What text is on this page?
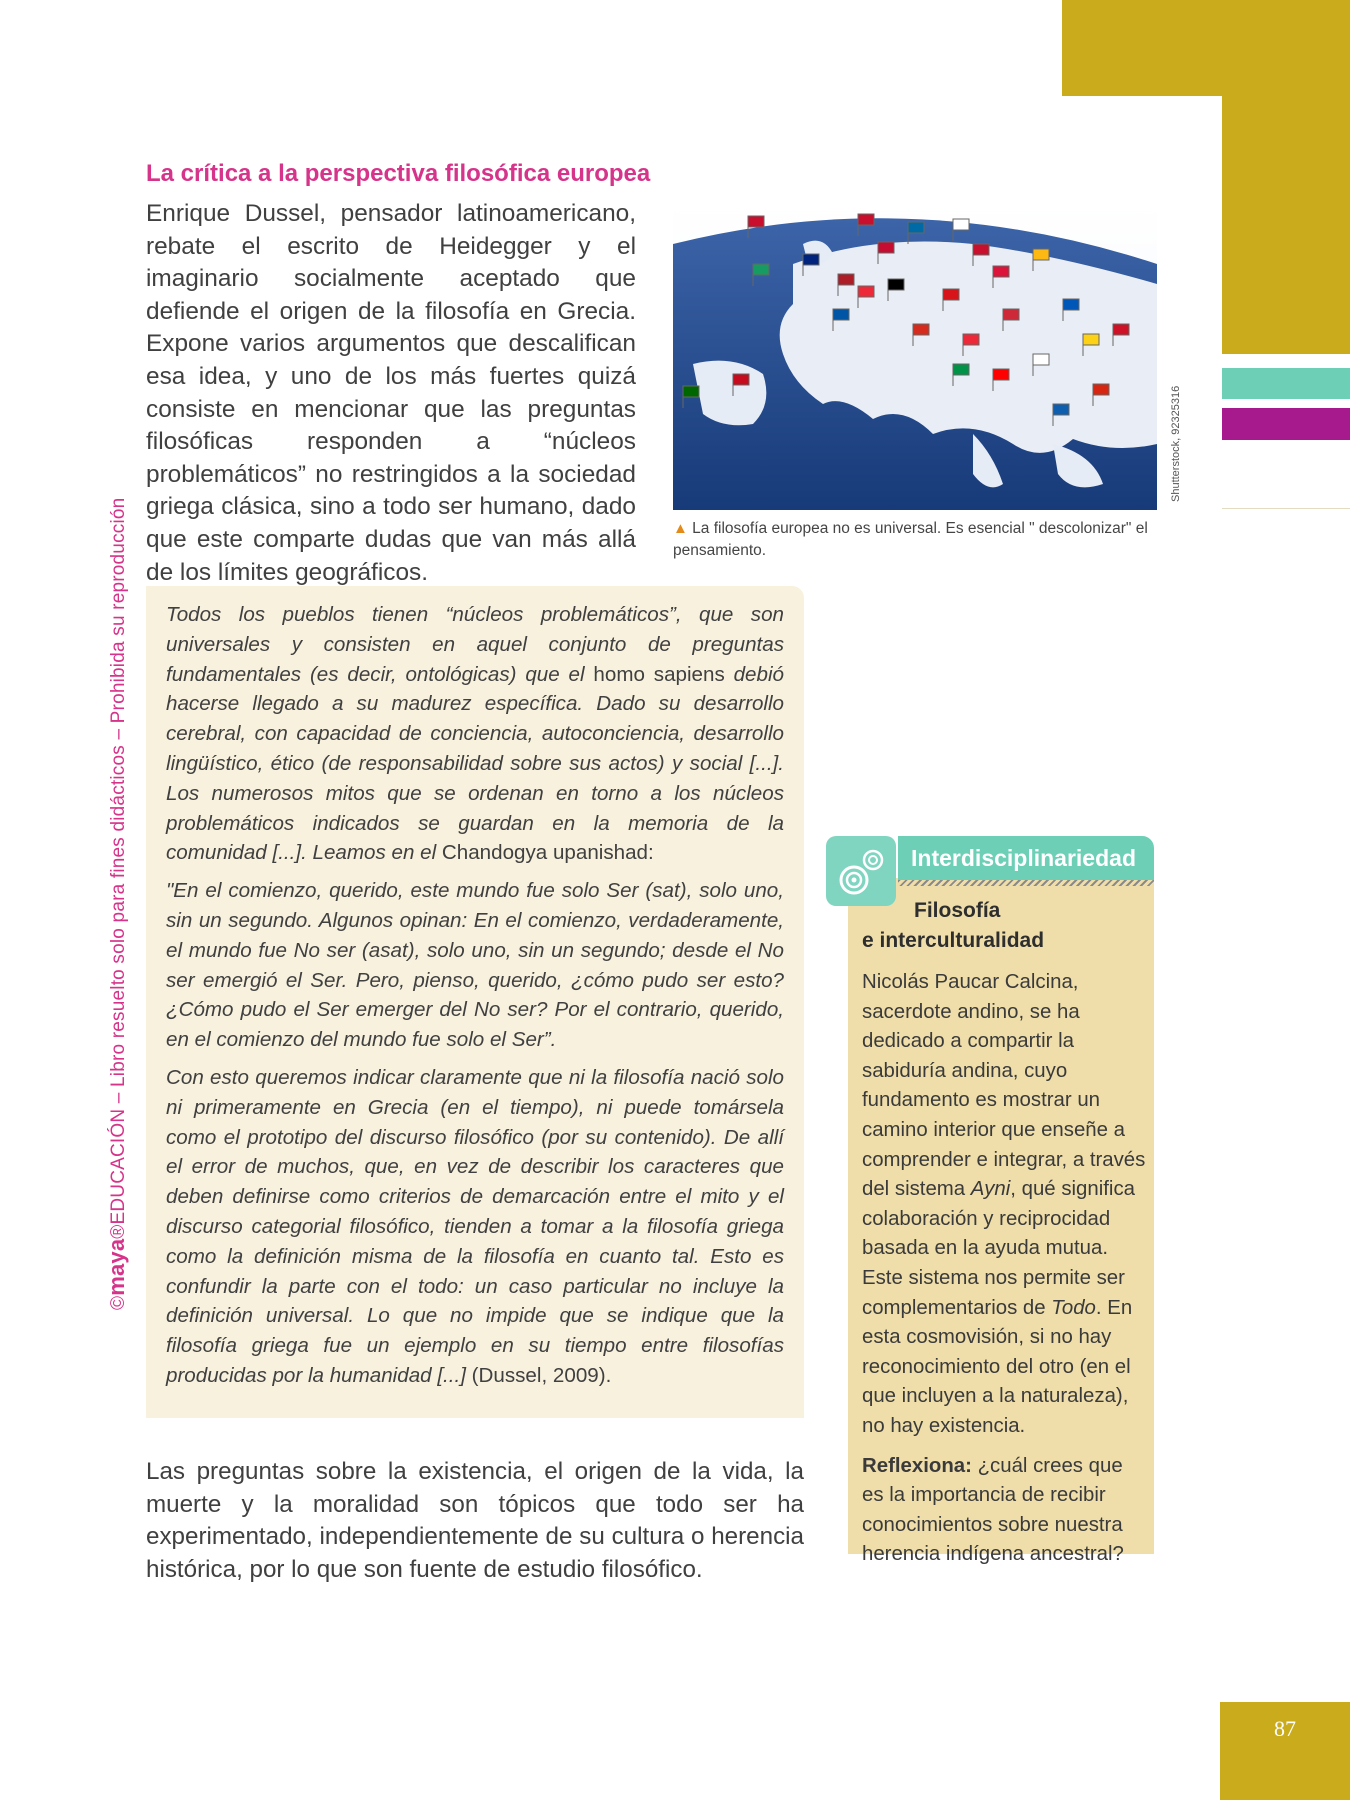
©maya®EDUCACIÓN – Libro resuelto solo para fines didácticos – Prohibida su reproducción
La crítica a la perspectiva filosófica europea

Enrique Dussel, pensador latinoamericano, rebate el escrito de Heidegger y el imaginario socialmente aceptado que defiende el origen de la filosofía en Grecia. Expone varios argumentos que descalifican esa idea, y uno de los más fuertes quizá consiste en mencionar que las preguntas filosóficas responden a “núcleos problemáticos” no restringidos a la sociedad griega clásica, sino a todo ser humano, dado que este comparte dudas que van más allá de los límites geográficos.

Shutterstock, 92325316
▲ La filosofía europea no es universal. Es esencial " descolonizar" el pensamiento.

Todos los pueblos tienen “núcleos problemáticos”, que son universales y consisten en aquel conjunto de preguntas fundamentales (es decir, ontológicas) que el homo sapiens debió hacerse llegado a su madurez específica. Dado su desarrollo cerebral, con capacidad de conciencia, autoconciencia, desarrollo lingüístico, ético (de responsabilidad sobre sus actos) y social [...]. Los numerosos mitos que se ordenan en torno a los núcleos problemáticos indicados se guardan en la memoria de la comunidad [...]. Leamos en el Chandogya upanishad:

"En el comienzo, querido, este mundo fue solo Ser (sat), solo uno, sin un segundo. Algunos opinan: En el comienzo, verdaderamente, el mundo fue No ser (asat), solo uno, sin un segundo; desde el No ser emergió el Ser. Pero, pienso, querido, ¿cómo pudo ser esto? ¿Cómo pudo el Ser emerger del No ser? Por el contrario, querido, en el comienzo del mundo fue solo el Ser”.

Con esto queremos indicar claramente que ni la filosofía nació solo ni primeramente en Grecia (en el tiempo), ni puede tomársela como el prototipo del discurso filosófico (por su contenido). De allí el error de muchos, que, en vez de describir los caracteres que deben definirse como criterios de demarcación entre el mito y el discurso categorial filosófico, tienden a tomar a la filosofía griega como la definición misma de la filosofía en cuanto tal. Esto es confundir la parte con el todo: un caso particular no incluye la definición universal. Lo que no impide que se indique que la filosofía griega fue un ejemplo en su tiempo entre filosofías producidas por la humanidad [...] (Dussel, 2009).

Las preguntas sobre la existencia, el origen de la vida, la muerte y la moralidad son tópicos que todo ser ha experimentado, independientemente de su cultura o herencia histórica, por lo que son fuente de estudio filosófico.

Interdisciplinariedad
Filosofía
e interculturalidad

Nicolás Paucar Calcina, sacerdote andino, se ha dedicado a compartir la sabiduría andina, cuyo fundamento es mostrar un camino interior que enseñe a comprender e integrar, a través del sistema Ayni, qué significa colaboración y reciprocidad basada en la ayuda mutua. Este sistema nos permite ser complementarios de Todo. En esta cosmovisión, si no hay reconocimiento del otro (en el que incluyen a la naturaleza), no hay existencia.

Reflexiona: ¿cuál crees que es la importancia de recibir conocimientos sobre nuestra herencia indígena ancestral?

87
